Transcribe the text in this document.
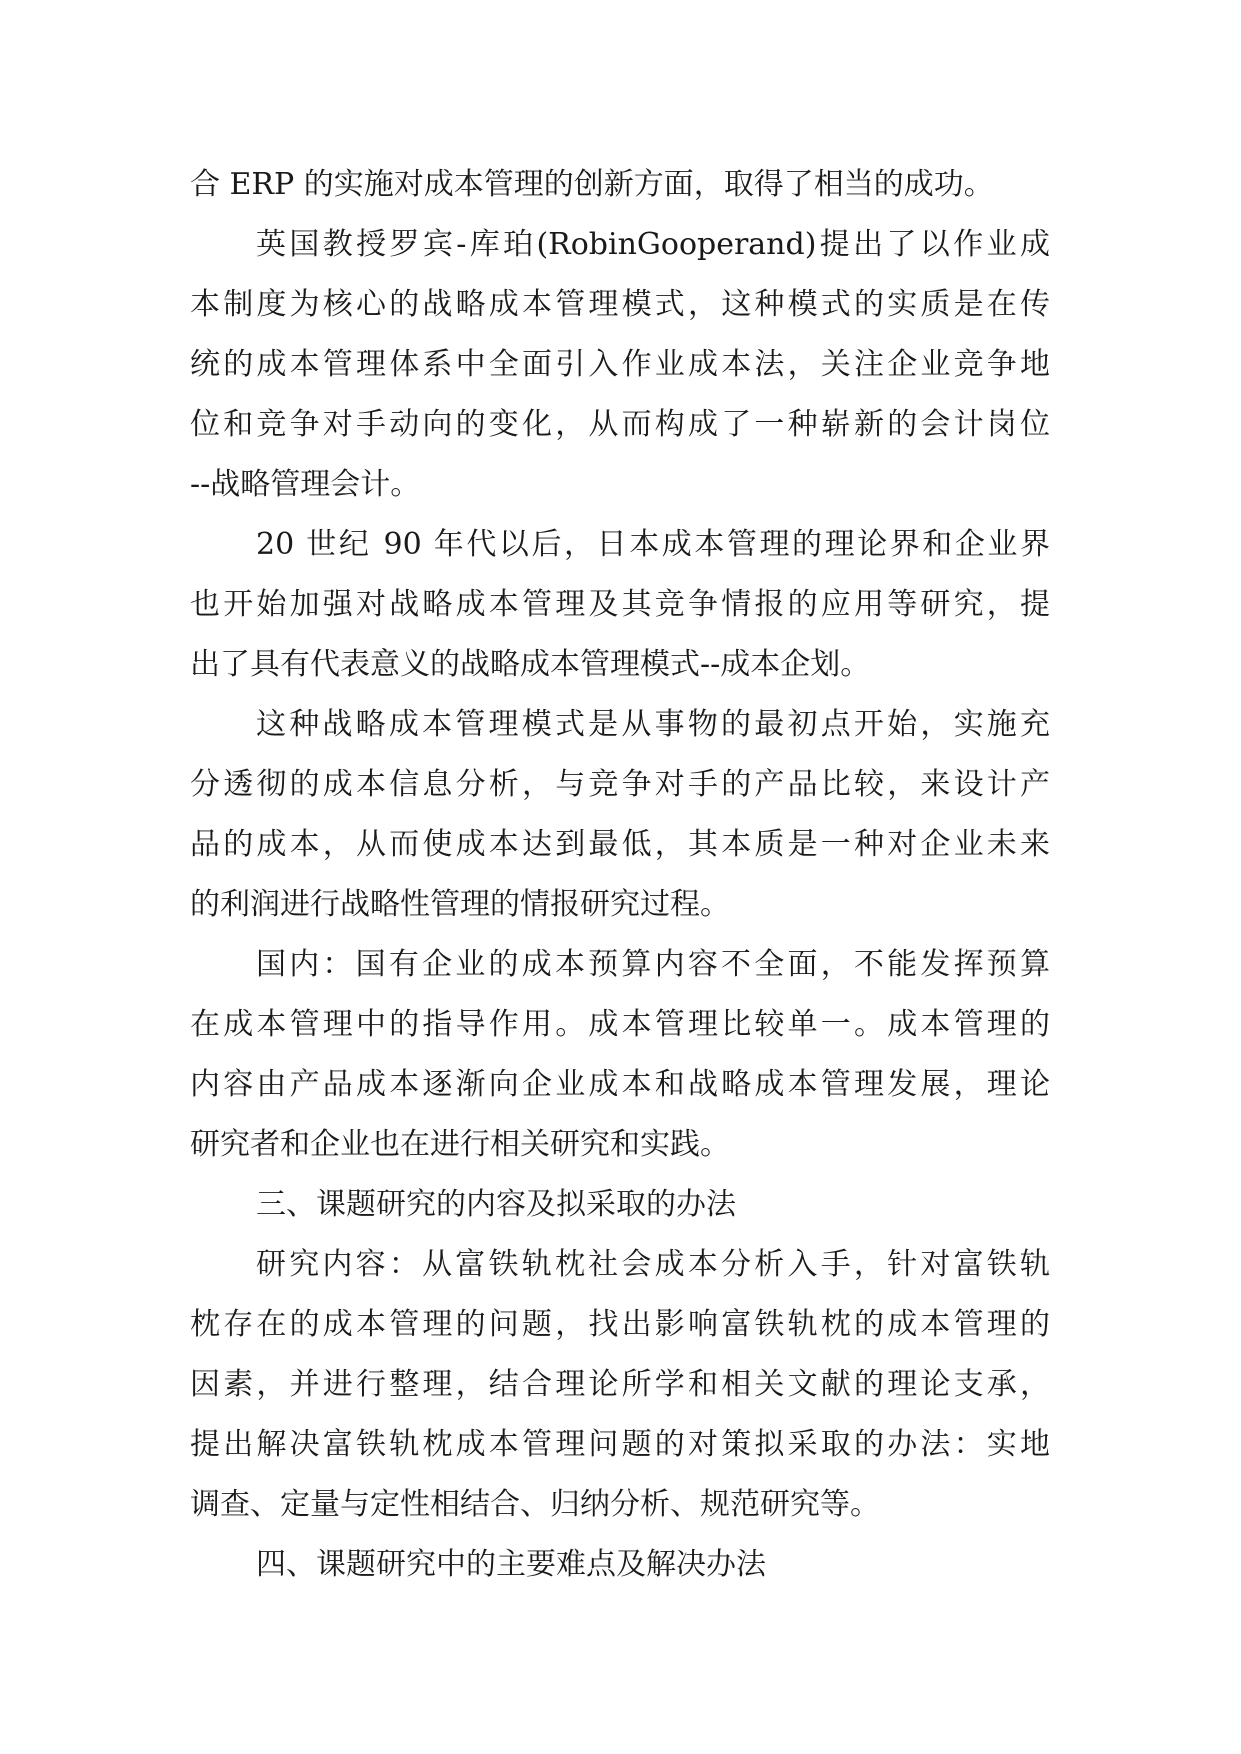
合 ERP 的实施对成本管理的创新方面，取得了相当的成功。
英国教授罗宾-库珀(RobinGooperand)提出了以作业成
本制度为核心的战略成本管理模式，这种模式的实质是在传
统的成本管理体系中全面引入作业成本法，关注企业竞争地
位和竞争对手动向的变化，从而构成了一种崭新的会计岗位
--战略管理会计。
20 世纪 90 年代以后，日本成本管理的理论界和企业界
也开始加强对战略成本管理及其竞争情报的应用等研究，提
出了具有代表意义的战略成本管理模式--成本企划。
这种战略成本管理模式是从事物的最初点开始，实施充
分透彻的成本信息分析，与竞争对手的产品比较，来设计产
品的成本，从而使成本达到最低，其本质是一种对企业未来
的利润进行战略性管理的情报研究过程。
国内：国有企业的成本预算内容不全面，不能发挥预算
在成本管理中的指导作用。成本管理比较单一。成本管理的
内容由产品成本逐渐向企业成本和战略成本管理发展，理论
研究者和企业也在进行相关研究和实践。
三、课题研究的内容及拟采取的办法
研究内容：从富铁轨枕社会成本分析入手，针对富铁轨
枕存在的成本管理的问题，找出影响富铁轨枕的成本管理的
因素，并进行整理，结合理论所学和相关文献的理论支承，
提出解决富铁轨枕成本管理问题的对策拟采取的办法：实地
调查、定量与定性相结合、归纳分析、规范研究等。
四、课题研究中的主要难点及解决办法
